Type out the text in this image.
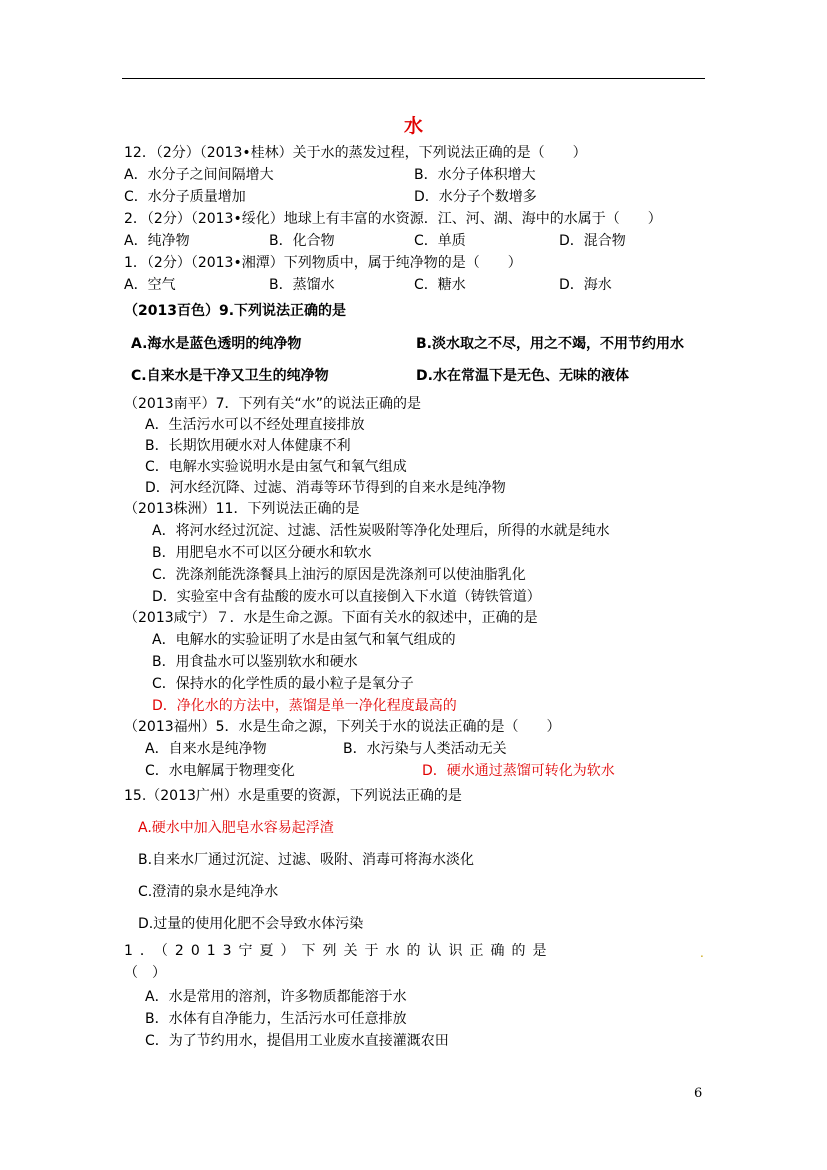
水
12．（2分）（2013•桂林）关于水的蒸发过程，下列说法正确的是（　　）
A．水分子之间间隔增大	B．水分子体积增大
C．水分子质量增加	D．水分子个数增多
2．（2分）（2013•绥化）地球上有丰富的水资源．江、河、湖、海中的水属于（　　）
A．纯净物	B．化合物	C．单质	D．混合物
1．（2分）（2013•湘潭）下列物质中，属于纯净物的是（　　）
A．空气	B．蒸馏水	C．糖水	D．海水
（2013百色）9.下列说法正确的是
A.海水是蓝色透明的纯净物	B.淡水取之不尽，用之不竭，不用节约用水
C.自来水是干净又卫生的纯净物	D.水在常温下是无色、无味的液体
（2013南平）7．下列有关“水”的说法正确的是
A．生活污水可以不经处理直接排放
B．长期饮用硬水对人体健康不利
C．电解水实验说明水是由氢气和氧气组成
D．河水经沉降、过滤、消毒等环节得到的自来水是纯净物
（2013株洲）11．下列说法正确的是
A．将河水经过沉淀、过滤、活性炭吸附等净化处理后，所得的水就是纯水
B．用肥皂水不可以区分硬水和软水
C．洗涤剂能洗涤餐具上油污的原因是洗涤剂可以使油脂乳化
D．实验室中含有盐酸的废水可以直接倒入下水道（铸铁管道）
（2013咸宁）７．水是生命之源。下面有关水的叙述中，正确的是
A．电解水的实验证明了水是由氢气和氧气组成的
B．用食盐水可以鉴别软水和硬水
C．保持水的化学性质的最小粒子是氧分子
D．净化水的方法中，蒸馏是单一净化程度最高的
（2013福州）5．水是生命之源，下列关于水的说法正确的是（　　）
A．自来水是纯净物	B．水污染与人类活动无关
C．水电解属于物理变化	D．硬水通过蒸馏可转化为软水
15.（2013广州）水是重要的资源，下列说法正确的是
A.硬水中加入肥皂水容易起浮渣
B.自来水厂通过沉淀、过滤、吸附、消毒可将海水淡化
C.澄清的泉水是纯净水
D.过量的使用化肥不会导致水体污染
1．（2013宁夏）下列关于水的认识正确的是
（　）
A．水是常用的溶剂，许多物质都能溶于水
B．水体有自净能力，生活污水可任意排放
C．为了节约用水，提倡用工业废水直接灌溉农田
.
6
